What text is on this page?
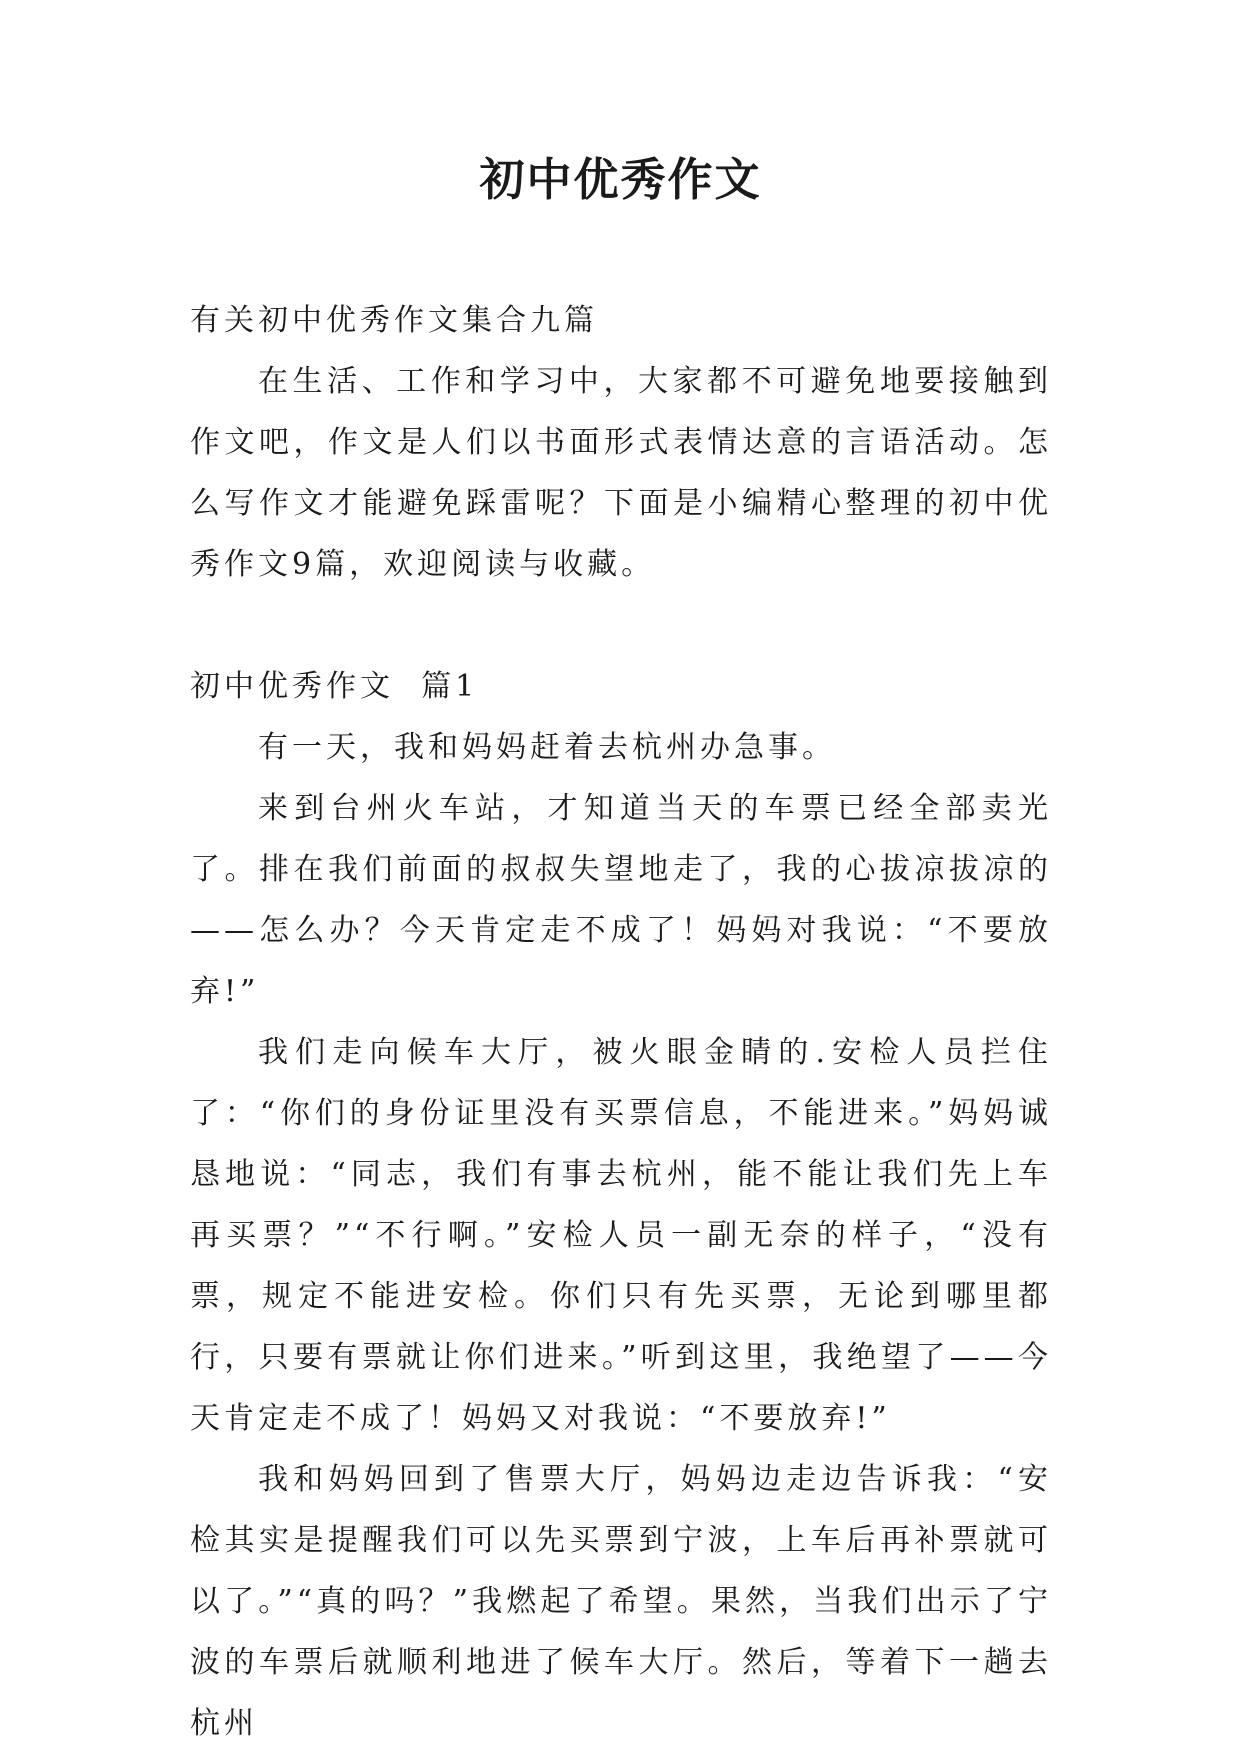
初中优秀作文

有关初中优秀作文集合九篇

在生活、工作和学习中，大家都不可避免地要接触到作文吧，作文是人们以书面形式表情达意的言语活动。怎么写作文才能避免踩雷呢？下面是小编精心整理的初中优秀作文9篇，欢迎阅读与收藏。

初中优秀作文  篇1

有一天，我和妈妈赶着去杭州办急事。

来到台州火车站，才知道当天的车票已经全部卖光了。排在我们前面的叔叔失望地走了，我的心拔凉拔凉的——怎么办？今天肯定走不成了！妈妈对我说：“不要放弃!”

我们走向候车大厅，被火眼金睛的.安检人员拦住了：“你们的身份证里没有买票信息，不能进来。”妈妈诚恳地说：“同志，我们有事去杭州，能不能让我们先上车再买票？”“不行啊。”安检人员一副无奈的样子，“没有票，规定不能进安检。你们只有先买票，无论到哪里都行，只要有票就让你们进来。”听到这里，我绝望了——今天肯定走不成了！妈妈又对我说：“不要放弃!”

我和妈妈回到了售票大厅，妈妈边走边告诉我：“安检其实是提醒我们可以先买票到宁波，上车后再补票就可以了。”“真的吗？”我燃起了希望。果然，当我们出示了宁波的车票后就顺利地进了候车大厅。然后，等着下一趟去杭州
